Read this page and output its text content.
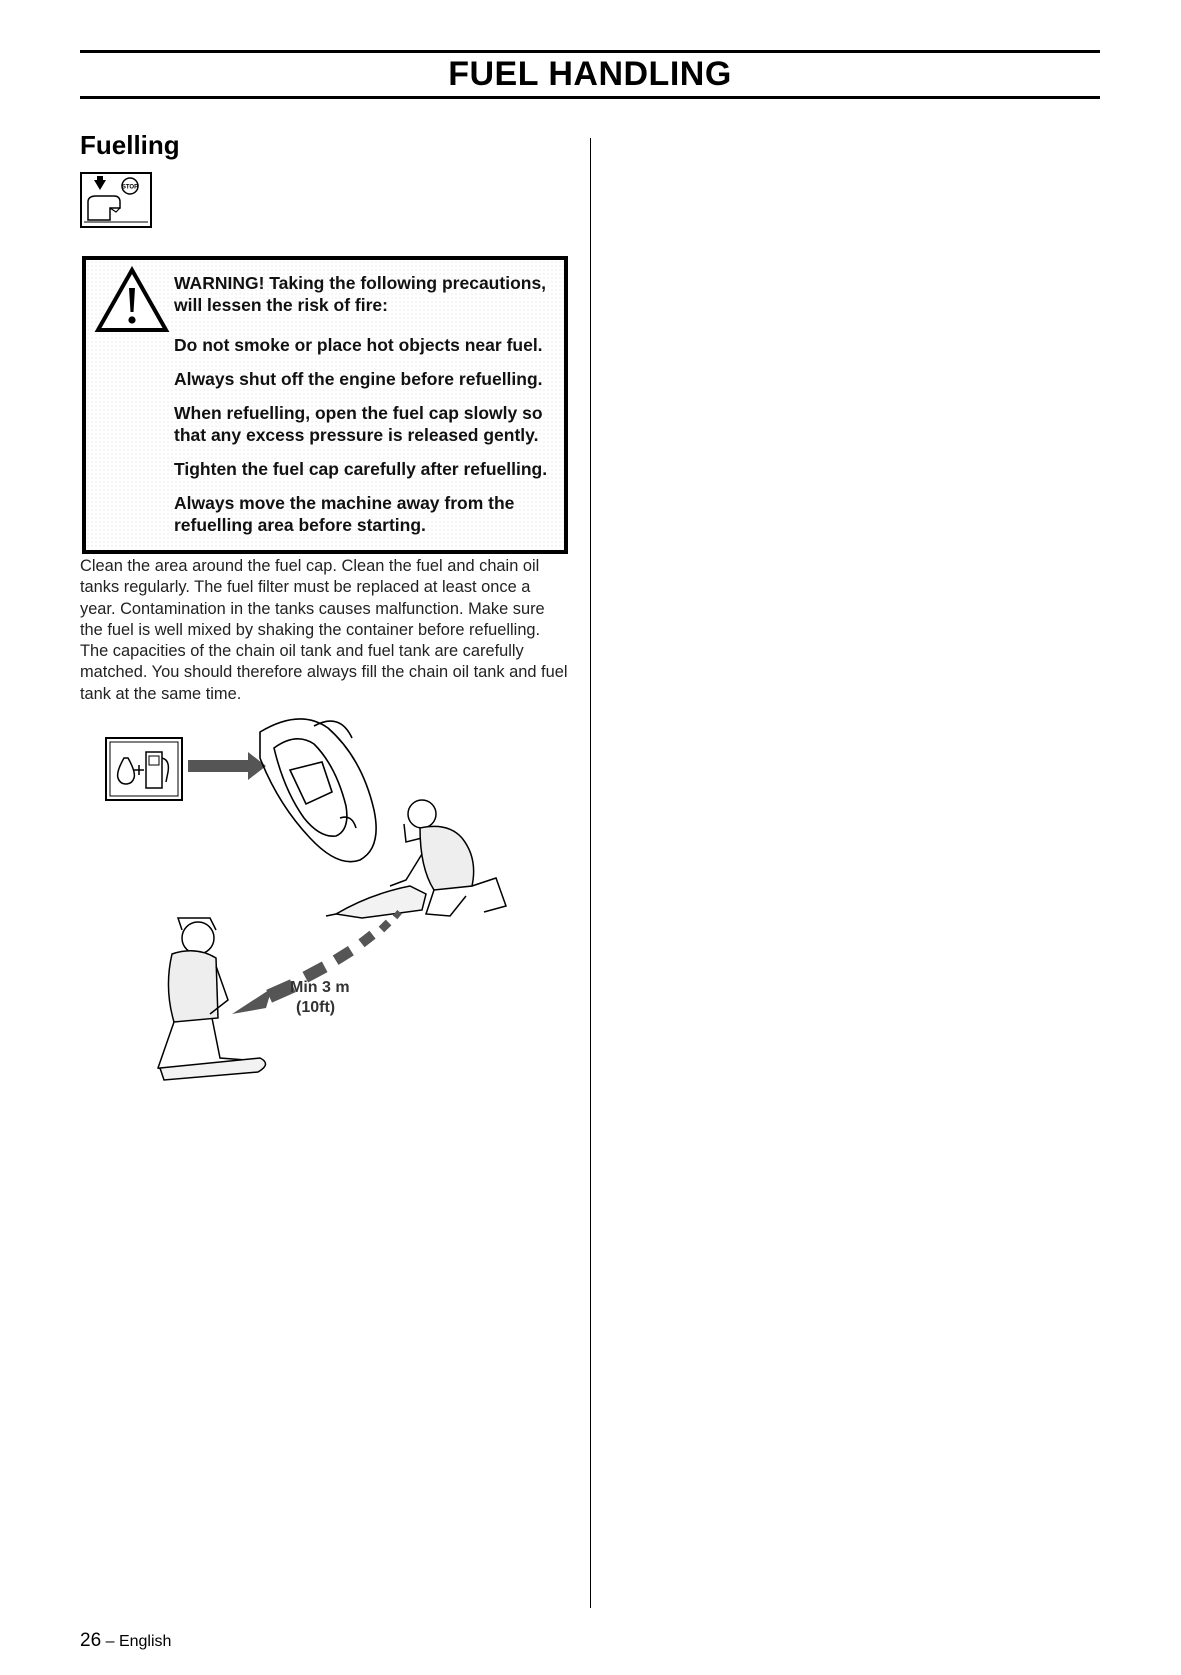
FUEL HANDLING
Fuelling
STOP

WARNING! Taking the following precautions, will lessen the risk of fire:

Do not smoke or place hot objects near fuel.

Always shut off the engine before refuelling.

When refuelling, open the fuel cap slowly so that any excess pressure is released gently.

Tighten the fuel cap carefully after refuelling.

Always move the machine away from the refuelling area before starting.

Clean the area around the fuel cap. Clean the fuel and chain oil tanks regularly. The fuel filter must be replaced at least once a year. Contamination in the tanks causes malfunction. Make sure the fuel is well mixed by shaking the container before refuelling. The capacities of the chain oil tank and fuel tank are carefully matched. You should therefore always fill the chain oil tank and fuel tank at the same time.
Min 3 m
(10ft)
26 – English
